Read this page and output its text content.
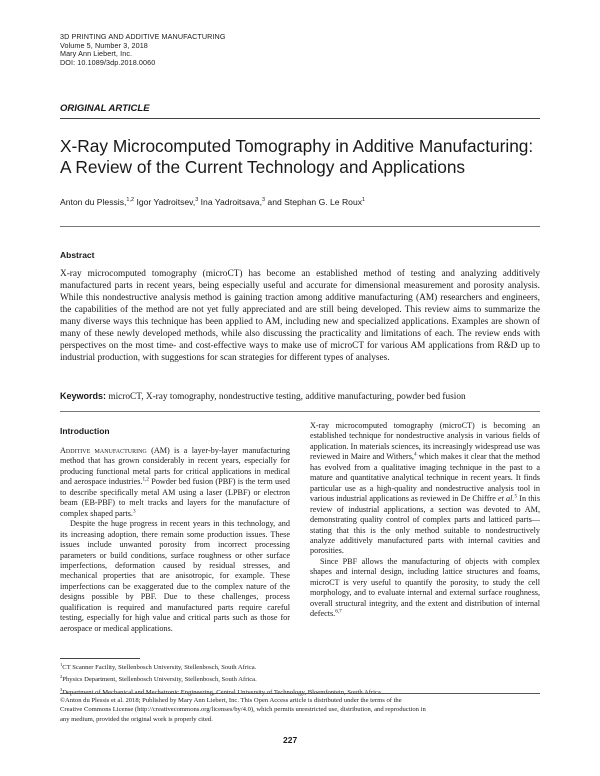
3D PRINTING AND ADDITIVE MANUFACTURING
Volume 5, Number 3, 2018
Mary Ann Liebert, Inc.
DOI: 10.1089/3dp.2018.0060
ORIGINAL ARTICLE
X-Ray Microcomputed Tomography in Additive Manufacturing:
A Review of the Current Technology and Applications
Anton du Plessis,$^{1,2}$ Igor Yadroitsev,$^3$ Ina Yadroitsava,$^3$ and Stephan G. Le Roux$^1$
Abstract
X-ray microcomputed tomography (microCT) has become an established method of testing and analyzing additively manufactured parts in recent years, being especially useful and accurate for dimensional measurement and porosity analysis. While this nondestructive analysis method is gaining traction among additive manufacturing (AM) researchers and engineers, the capabilities of the method are not yet fully appreciated and are still being developed. This review aims to summarize the many diverse ways this technique has been applied to AM, including new and specialized applications. Examples are shown of many of these newly developed methods, while also discussing the practicality and limitations of each. The review ends with perspectives on the most time- and cost-effective ways to make use of microCT for various AM applications from R&D up to industrial production, with suggestions for scan strategies for different types of analyses.
Keywords: microCT, X-ray tomography, nondestructive testing, additive manufacturing, powder bed fusion
Introduction

Additive manufacturing (AM) is a layer-by-layer manufacturing method that has grown considerably in recent years, especially for producing functional metal parts for critical applications in medical and aerospace industries.$^{1,2}$ Powder bed fusion (PBF) is the term used to describe specifically metal AM using a laser (LPBF) or electron beam (EB-PBF) to melt tracks and layers for the manufacture of complex shaped parts.$^3$

Despite the huge progress in recent years in this technology, and its increasing adoption, there remain some production issues. These issues include unwanted porosity from incorrect processing parameters or build conditions, surface roughness or other surface imperfections, deformation caused by residual stresses, and mechanical properties that are anisotropic, for example. These imperfections can be exaggerated due to the complex nature of the designs possible by PBF. Due to these challenges, process qualification is required and manufactured parts require careful testing, especially for high value and critical parts such as those for aerospace or medical applications.

X-ray microcomputed tomography (microCT) is becoming an established technique for nondestructive analysis in various fields of application. In materials sciences, its increasingly widespread use was reviewed in Maire and Withers,$^4$ which makes it clear that the method has evolved from a qualitative imaging technique in the past to a mature and quantitative analytical technique in recent years. It finds particular use as a high-quality and nondestructive analysis tool in various industrial applications as reviewed in De Chiffre et al.$^5$ In this review of industrial applications, a section was devoted to AM, demonstrating quality control of complex parts and latticed parts—stating that this is the only method suitable to nondestructively analyze additively manufactured parts with internal cavities and porosities.

Since PBF allows the manufacturing of objects with complex shapes and internal design, including lattice structures and foams, microCT is very useful to quantify the porosity, to study the cell morphology, and to evaluate internal and external surface roughness, overall structural integrity, and the extent and distribution of internal defects.$^{6,7}$

$^1$CT Scanner Facility, Stellenbosch University, Stellenbosch, South Africa.
$^2$Physics Department, Stellenbosch University, Stellenbosch, South Africa.
$^3$Department of Mechanical and Mechatronic Engineering, Central University of Technology, Bloemfontein, South Africa.
©Anton du Plessis et al. 2018; Published by Mary Ann Liebert, Inc. This Open Access article is distributed under the terms of the
Creative Commons License (http://creativecommons.org/licenses/by/4.0), which permits unrestricted use, distribution, and reproduction in
any medium, provided the original work is properly cited.
227
